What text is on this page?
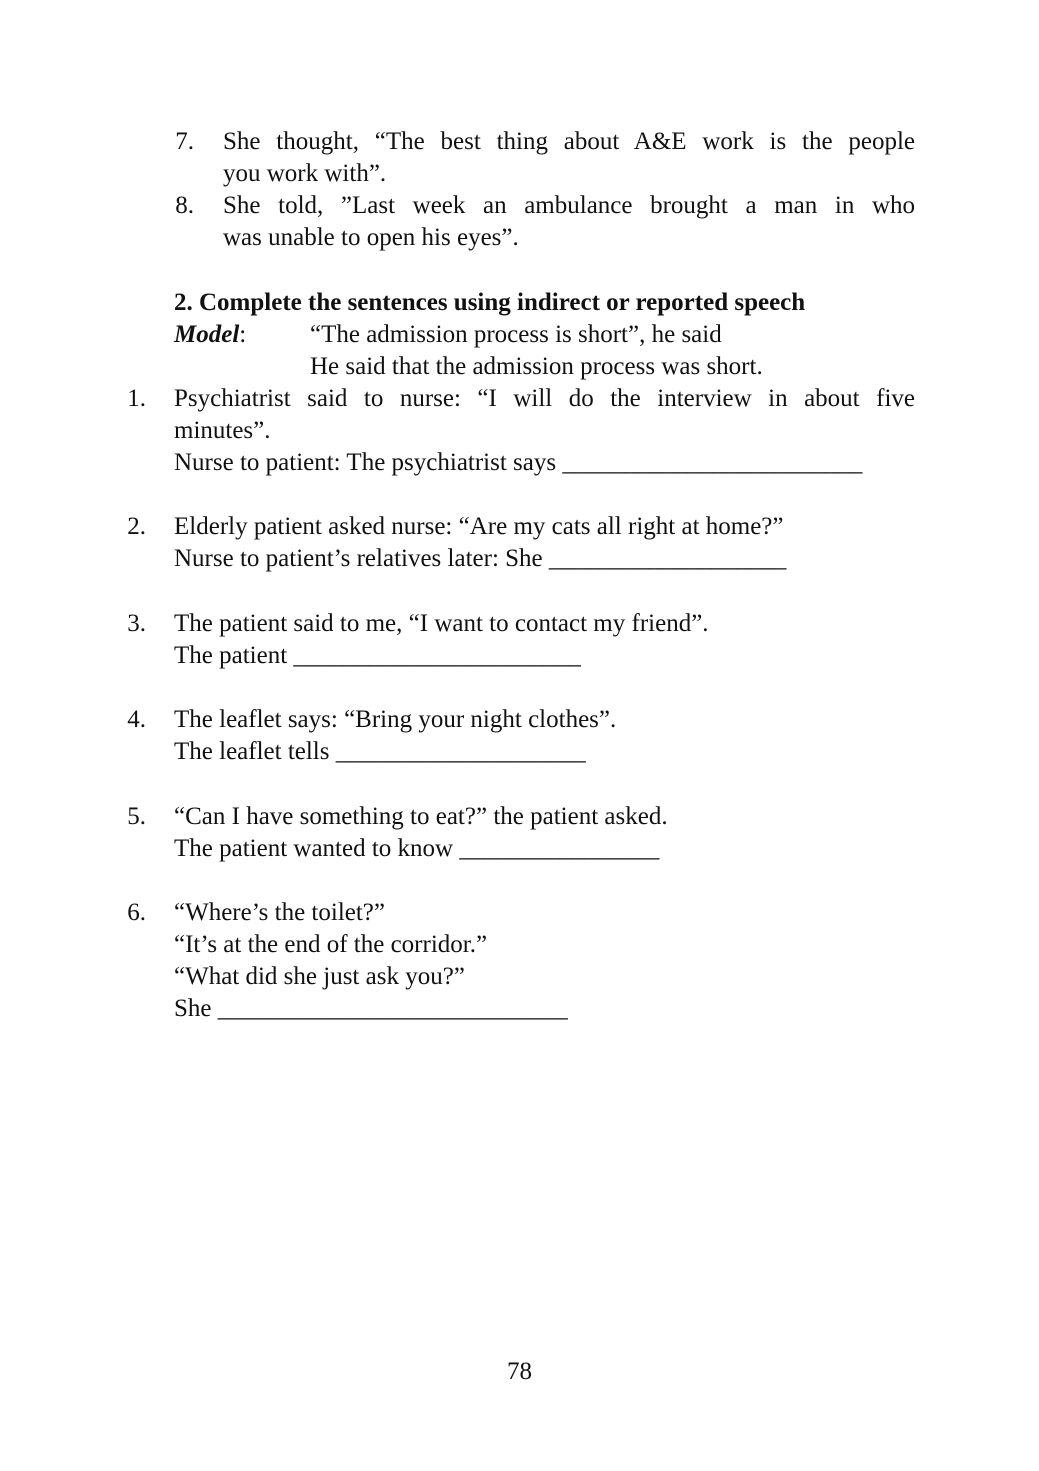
7. She thought, “The best thing about A&E work is the people
you work with”.
8. She told, ”Last week an ambulance brought a man in who
was unable to open his eyes”.
2. Complete the sentences using indirect or reported speech
Model:	“The admission process is short”, he said
He said that the admission process was short.
1. Psychiatrist said to nurse: “I will do the interview in about five
minutes”.
Nurse to patient: The psychiatrist says ________________________
2. Elderly patient asked nurse: “Are my cats all right at home?”
Nurse to patient’s relatives later: She ___________________
3. The patient said to me, “I want to contact my friend”.
The patient _______________________
4. The leaflet says: “Bring your night clothes”.
The leaflet tells ____________________
5. “Can I have something to eat?” the patient asked.
The patient wanted to know ________________
6. “Where’s the toilet?”
“It’s at the end of the corridor.”
“What did she just ask you?”
She ____________________________
78
